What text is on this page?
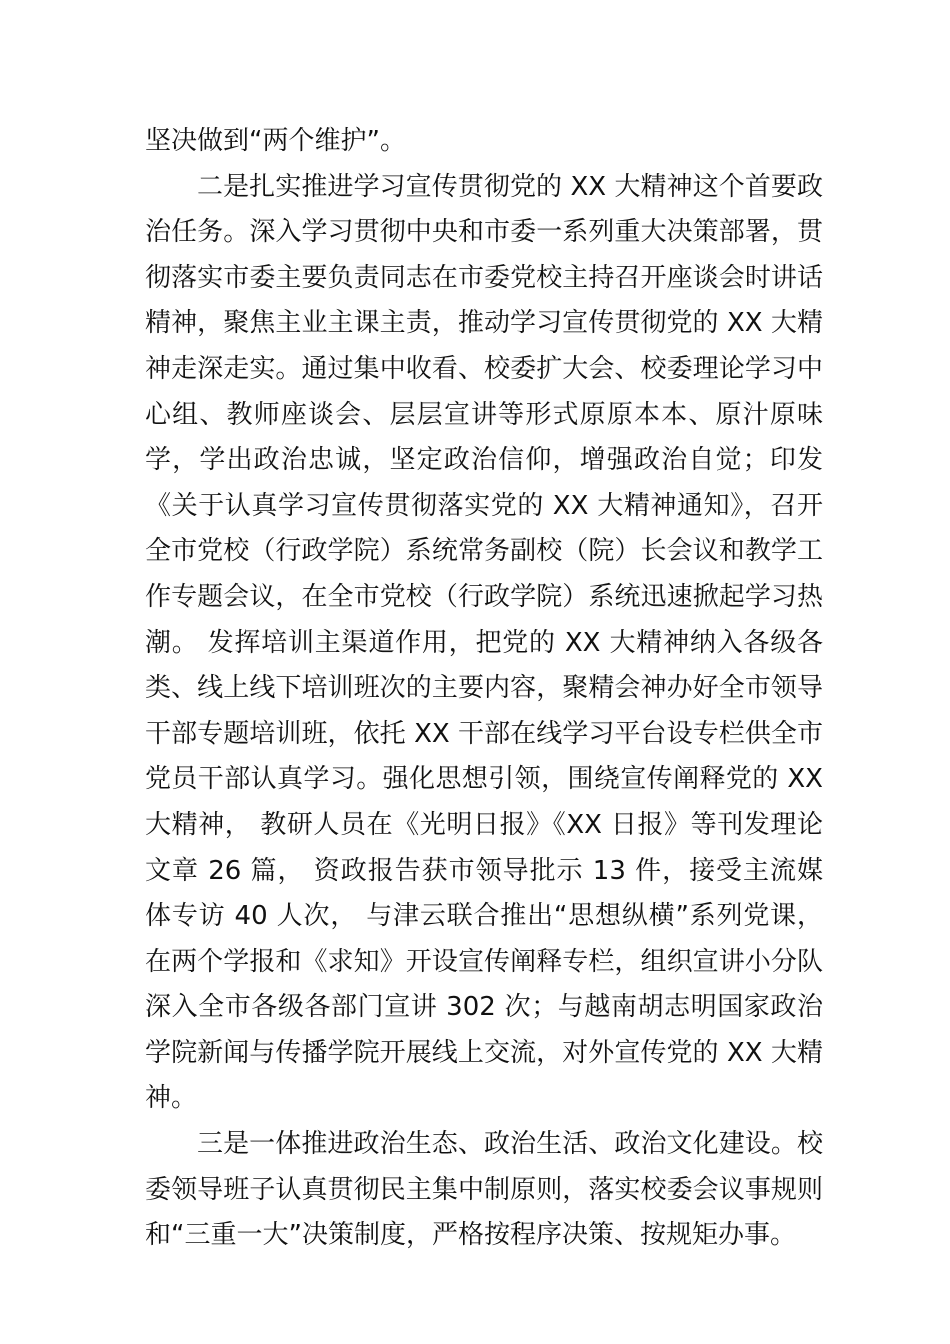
坚决做到“两个维护”。

二是扎实推进学习宣传贯彻党的 XX 大精神这个首要政治任务。深入学习贯彻中央和市委一系列重大决策部署，贯彻落实市委主要负责同志在市委党校主持召开座谈会时讲话精神，聚焦主业主课主责，推动学习宣传贯彻党的 XX 大精神走深走实。通过集中收看、校委扩大会、校委理论学习中心组、教师座谈会、层层宣讲等形式原原本本、原汁原味学，学出政治忠诚，坚定政治信仰，增强政治自觉；印发《关于认真学习宣传贯彻落实党的 XX 大精神通知》，召开全市党校（行政学院）系统常务副校（院）长会议和教学工作专题会议，在全市党校（行政学院）系统迅速掀起学习热潮。 发挥培训主渠道作用，把党的 XX 大精神纳入各级各类、线上线下培训班次的主要内容，聚精会神办好全市领导干部专题培训班，依托 XX 干部在线学习平台设专栏供全市党员干部认真学习。强化思想引领，围绕宣传阐释党的 XX 大精神， 教研人员在《光明日报》《XX 日报》等刊发理论文章 26 篇， 资政报告获市领导批示 13 件，接受主流媒体专访 40 人次， 与津云联合推出“思想纵横”系列党课，在两个学报和《求知》开设宣传阐释专栏，组织宣讲小分队深入全市各级各部门宣讲 302 次；与越南胡志明国家政治学院新闻与传播学院开展线上交流，对外宣传党的 XX 大精神。

三是一体推进政治生态、政治生活、政治文化建设。校委领导班子认真贯彻民主集中制原则，落实校委会议事规则和“三重一大”决策制度，严格按程序决策、按规矩办事。
